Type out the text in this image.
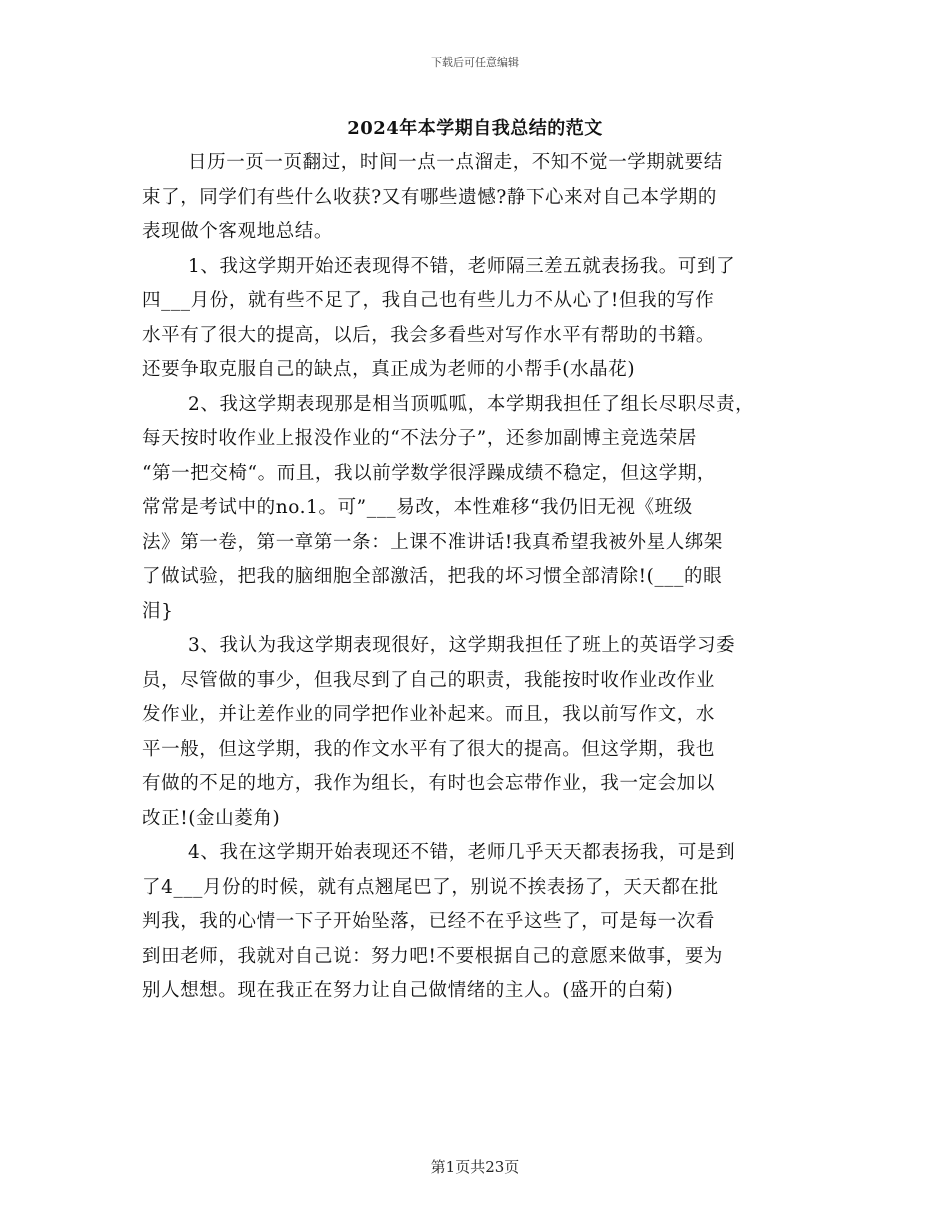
下载后可任意编辑
2024年本学期自我总结的范文
日历一页一页翻过，时间一点一点溜走，不知不觉一学期就要结
束了，同学们有些什么收获?又有哪些遗憾?静下心来对自己本学期的
表现做个客观地总结。
1、我这学期开始还表现得不错，老师隔三差五就表扬我。可到了
四___月份，就有些不足了，我自己也有些儿力不从心了!但我的写作
水平有了很大的提高，以后，我会多看些对写作水平有帮助的书籍。
还要争取克服自己的缺点，真正成为老师的小帮手(水晶花)
2、我这学期表现那是相当顶呱呱，本学期我担任了组长尽职尽责，
每天按时收作业上报没作业的“不法分子”，还参加副博主竞选荣居
“第一把交椅“。而且，我以前学数学很浮躁成绩不稳定，但这学期，
常常是考试中的no.1。可”___易改，本性难移“我仍旧无视《班级
法》第一卷，第一章第一条：上课不准讲话!我真希望我被外星人绑架
了做试验，把我的脑细胞全部激活，把我的坏习惯全部清除!(___的眼
泪}
3、我认为我这学期表现很好，这学期我担任了班上的英语学习委
员，尽管做的事少，但我尽到了自己的职责，我能按时收作业改作业
发作业，并让差作业的同学把作业补起来。而且，我以前写作文，水
平一般，但这学期，我的作文水平有了很大的提高。但这学期，我也
有做的不足的地方，我作为组长，有时也会忘带作业，我一定会加以
改正!(金山菱角)
4、我在这学期开始表现还不错，老师几乎天天都表扬我，可是到
了4___月份的时候，就有点翘尾巴了，别说不挨表扬了，天天都在批
判我，我的心情一下子开始坠落，已经不在乎这些了，可是每一次看
到田老师，我就对自己说：努力吧!不要根据自己的意愿来做事，要为
别人想想。现在我正在努力让自己做情绪的主人。(盛开的白菊)
第1页共23页
